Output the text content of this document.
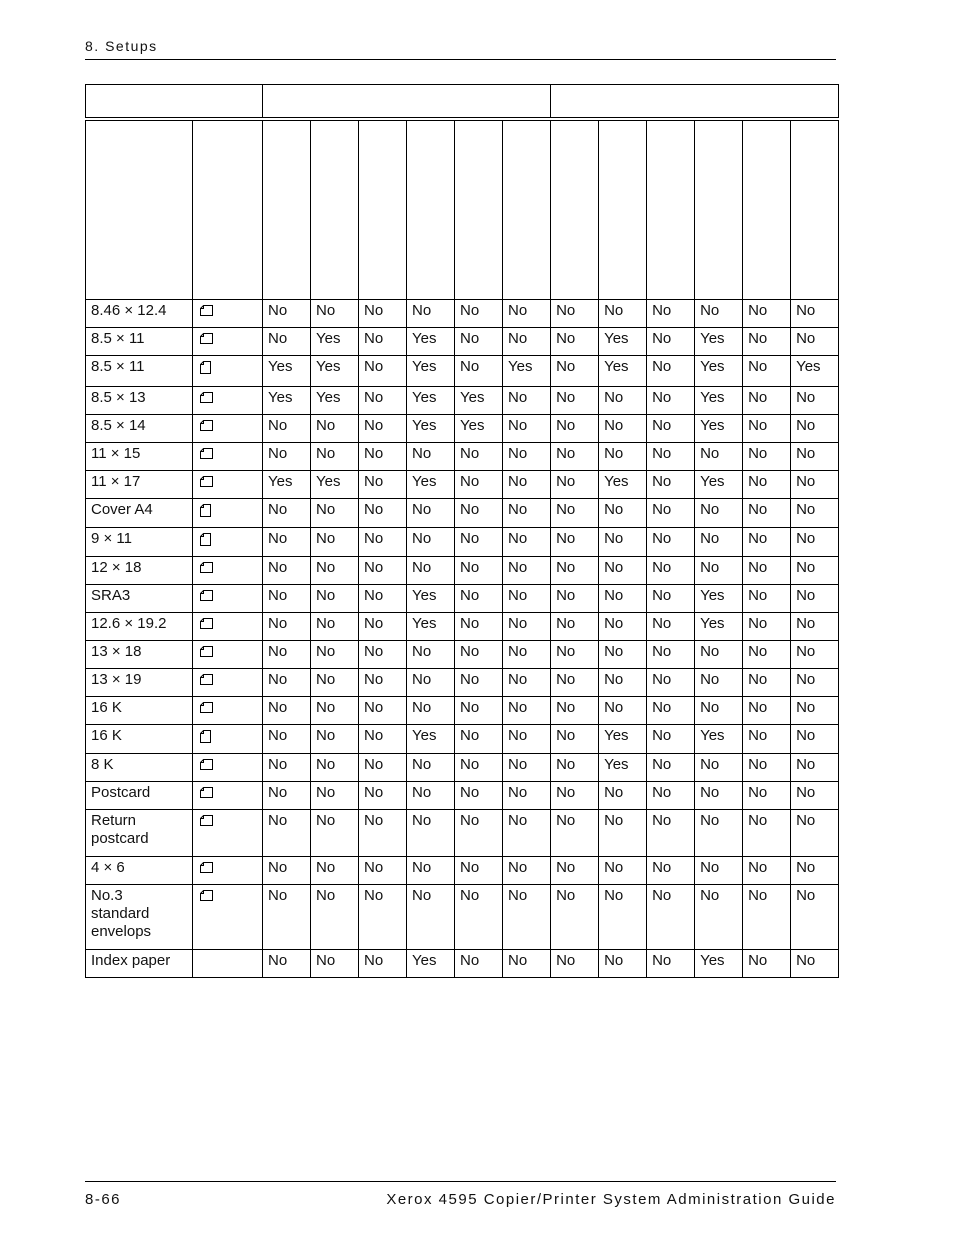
8. Setups

8.46 × 12.4		No	No	No	No	No	No	No	No	No	No	No	No

8.5 × 11		No	Yes	No	Yes	No	No	No	Yes	No	Yes	No	No

8.5 × 11		Yes	Yes	No	Yes	No	Yes	No	Yes	No	Yes	No	Yes

8.5 × 13		Yes	Yes	No	Yes	Yes	No	No	No	No	Yes	No	No

8.5 × 14		No	No	No	Yes	Yes	No	No	No	No	Yes	No	No

11 × 15		No	No	No	No	No	No	No	No	No	No	No	No

11 × 17		Yes	Yes	No	Yes	No	No	No	Yes	No	Yes	No	No

Cover A4		No	No	No	No	No	No	No	No	No	No	No	No

9 × 11		No	No	No	No	No	No	No	No	No	No	No	No

12 × 18		No	No	No	No	No	No	No	No	No	No	No	No

SRA3		No	No	No	Yes	No	No	No	No	No	Yes	No	No

12.6 × 19.2		No	No	No	Yes	No	No	No	No	No	Yes	No	No

13 × 18		No	No	No	No	No	No	No	No	No	No	No	No

13 × 19		No	No	No	No	No	No	No	No	No	No	No	No

16 K		No	No	No	No	No	No	No	No	No	No	No	No

16 K		No	No	No	Yes	No	No	No	Yes	No	Yes	No	No

8 K		No	No	No	No	No	No	No	Yes	No	No	No	No

Postcard		No	No	No	No	No	No	No	No	No	No	No	No

Return postcard		No	No	No	No	No	No	No	No	No	No	No	No

4 × 6		No	No	No	No	No	No	No	No	No	No	No	No

No.3 standard envelops		No	No	No	No	No	No	No	No	No	No	No	No

Index paper		No	No	No	Yes	No	No	No	No	No	Yes	No	No
8-66	Xerox 4595 Copier/Printer System Administration Guide
